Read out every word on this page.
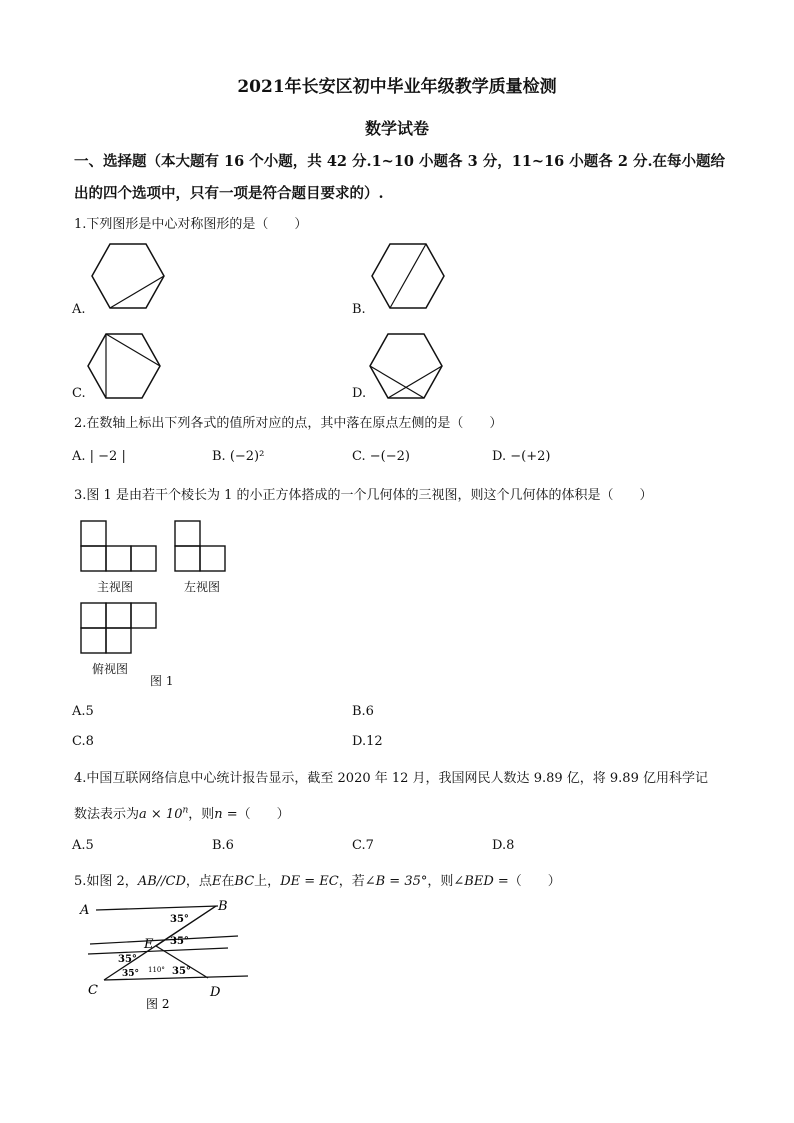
2021年长安区初中毕业年级教学质量检测
数学试卷
一、选择题（本大题有 16 个小题，共 42 分.1~10 小题各 3 分，11~16 小题各 2 分.在每小题给
出的四个选项中，只有一项是符合题目要求的）.
1.下列图形是中心对称图形的是（　　）
A.	B.
C.	D.
2.在数轴上标出下列各式的值所对应的点，其中落在原点左侧的是（　　）
A. | −2 |	B. (−2)²	C. −(−2)	D. −(+2)
3.图 1 是由若干个棱长为 1 的小正方体搭成的一个几何体的三视图，则这个几何体的体积是（　　）
主视图	左视图
俯视图
图 1
A.5	B.6
C.8	D.12
4.中国互联网络信息中心统计报告显示，截至 2020 年 12 月，我国网民人数达 9.89 亿，将 9.89 亿用科学记
数法表示为$a \times 10^n$，则n =（　　）
A.5	B.6	C.7	D.8
5.如图 2，AB//CD，点E在BC上，DE = EC，若∠B = 35°，则∠BED =（　　）
A	B
E
C	D
35°
35°
35°
35° 110° 35°
图 2
